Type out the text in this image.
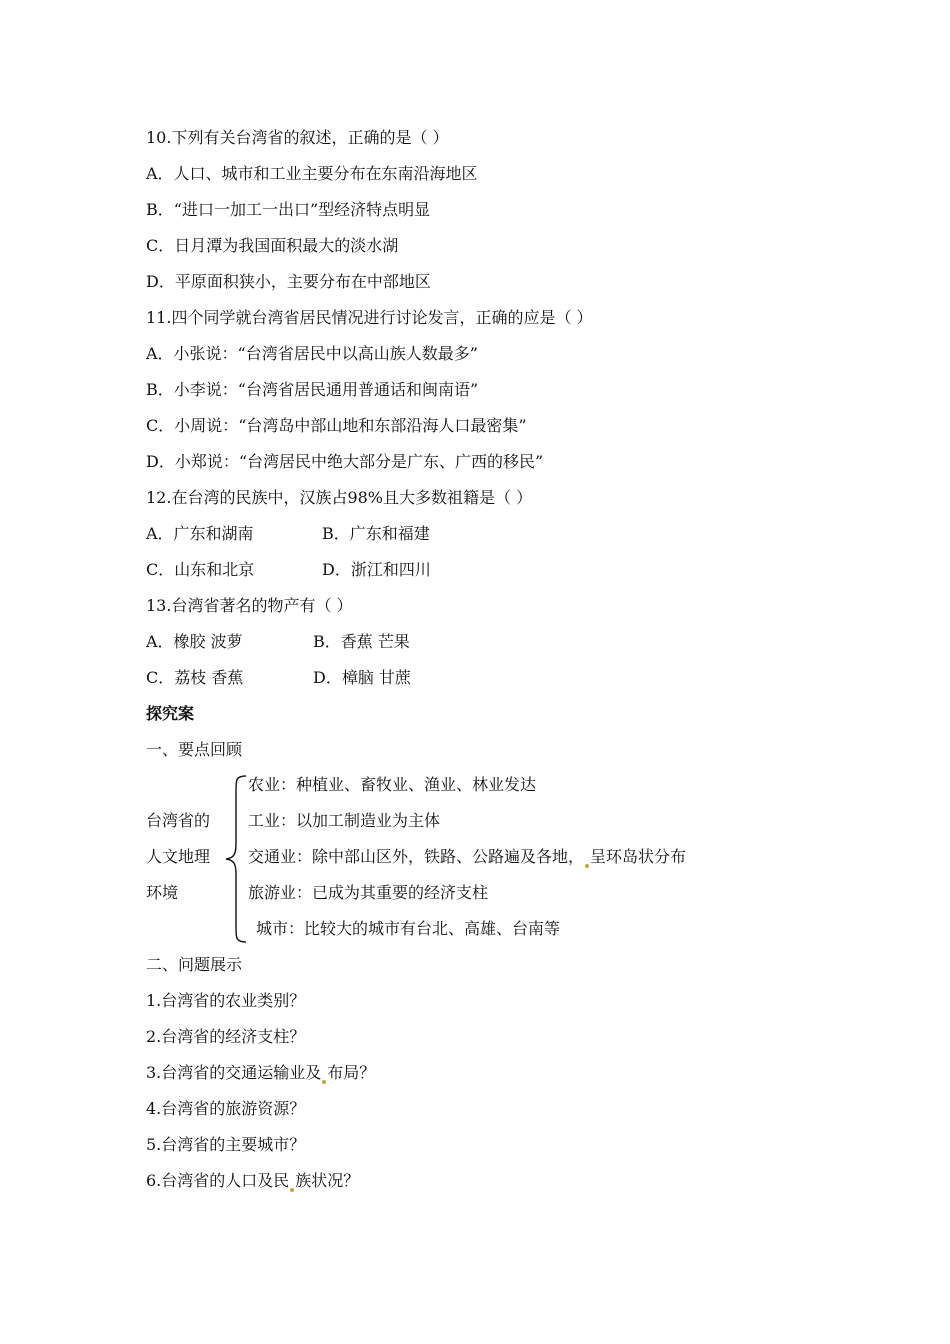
10.下列有关台湾省的叙述，正确的是（ ）
A．人口、城市和工业主要分布在东南沿海地区
B．“进口一加工一出口”型经济特点明显
C．日月潭为我国面积最大的淡水湖
D．平原面积狭小，主要分布在中部地区
11.四个同学就台湾省居民情况进行讨论发言，正确的应是（ ）
A．小张说：“台湾省居民中以高山族人数最多”
B．小李说：“台湾省居民通用普通话和闽南语”
C．小周说：“台湾岛中部山地和东部沿海人口最密集”
D．小郑说：“台湾居民中绝大部分是广东、广西的移民”
12.在台湾的民族中，汉族占98%且大多数祖籍是（ ）
A．广东和湖南	B．广东和福建
C．山东和北京	D．浙江和四川
13.台湾省著名的物产有（ ）
A．橡胶 波萝	B．香蕉 芒果
C．荔枝 香蕉	D．樟脑 甘蔗
探究案
一、要点回顾
台湾省的
人文地理
环境
农业：种植业、畜牧业、渔业、林业发达
工业：以加工制造业为主体
交通业：除中部山区外，铁路、公路遍及各地， 呈环岛状分布
旅游业：已成为其重要的经济支柱
城市：比较大的城市有台北、高雄、台南等
二、问题展示
1.台湾省的农业类别？
2.台湾省的经济支柱？
3.台湾省的交通运输业及 布局？
4.台湾省的旅游资源？
5.台湾省的主要城市？
6.台湾省的人口及民 族状况？
